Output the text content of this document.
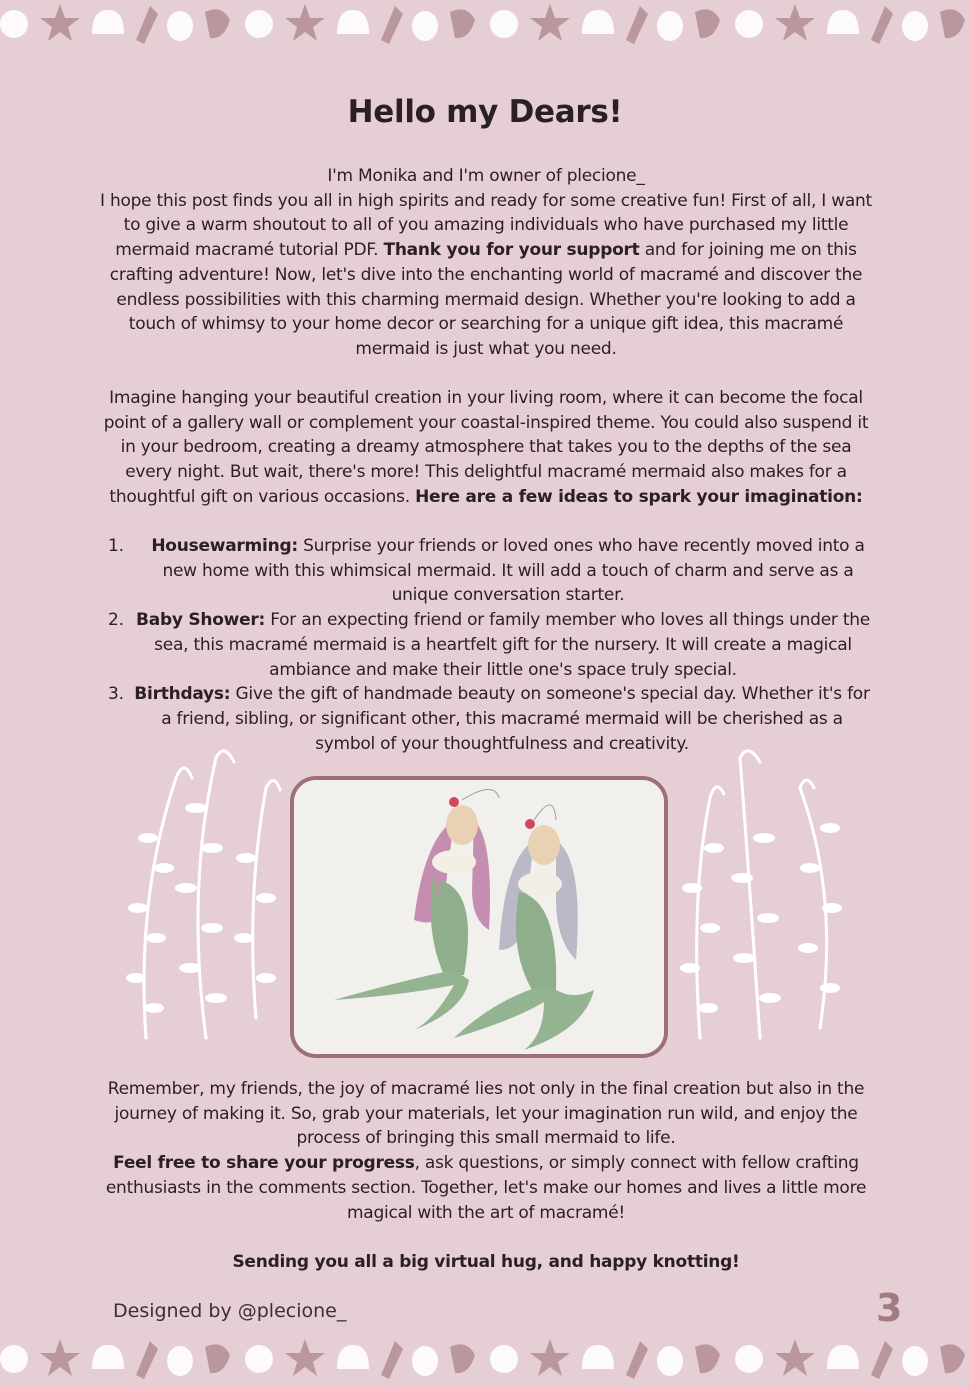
Hello my Dears!

I'm Monika and I'm owner of plecione_
I hope this post finds you all in high spirits and ready for some creative fun! First of all, I want to give a warm shoutout to all of you amazing individuals who have purchased my little mermaid macramé tutorial PDF. Thank you for your support and for joining me on this crafting adventure! Now, let's dive into the enchanting world of macramé and discover the endless possibilities with this charming mermaid design. Whether you're looking to add a touch of whimsy to your home decor or searching for a unique gift idea, this macramé mermaid is just what you need.

Imagine hanging your beautiful creation in your living room, where it can become the focal point of a gallery wall or complement your coastal-inspired theme. You could also suspend it in your bedroom, creating a dreamy atmosphere that takes you to the depths of the sea every night. But wait, there's more! This delightful macramé mermaid also makes for a thoughtful gift on various occasions. Here are a few ideas to spark your imagination:

1. Housewarming: Surprise your friends or loved ones who have recently moved into a new home with this whimsical mermaid. It will add a touch of charm and serve as a unique conversation starter.
2. Baby Shower: For an expecting friend or family member who loves all things under the sea, this macramé mermaid is a heartfelt gift for the nursery. It will create a magical ambiance and make their little one's space truly special.
3. Birthdays: Give the gift of handmade beauty on someone's special day. Whether it's for a friend, sibling, or significant other, this macramé mermaid will be cherished as a symbol of your thoughtfulness and creativity.

Remember, my friends, the joy of macramé lies not only in the final creation but also in the journey of making it. So, grab your materials, let your imagination run wild, and enjoy the process of bringing this small mermaid to life.
Feel free to share your progress, ask questions, or simply connect with fellow crafting enthusiasts in the comments section. Together, let's make our homes and lives a little more magical with the art of macramé!

Sending you all a big virtual hug, and happy knotting!

Designed by @plecione_	3
